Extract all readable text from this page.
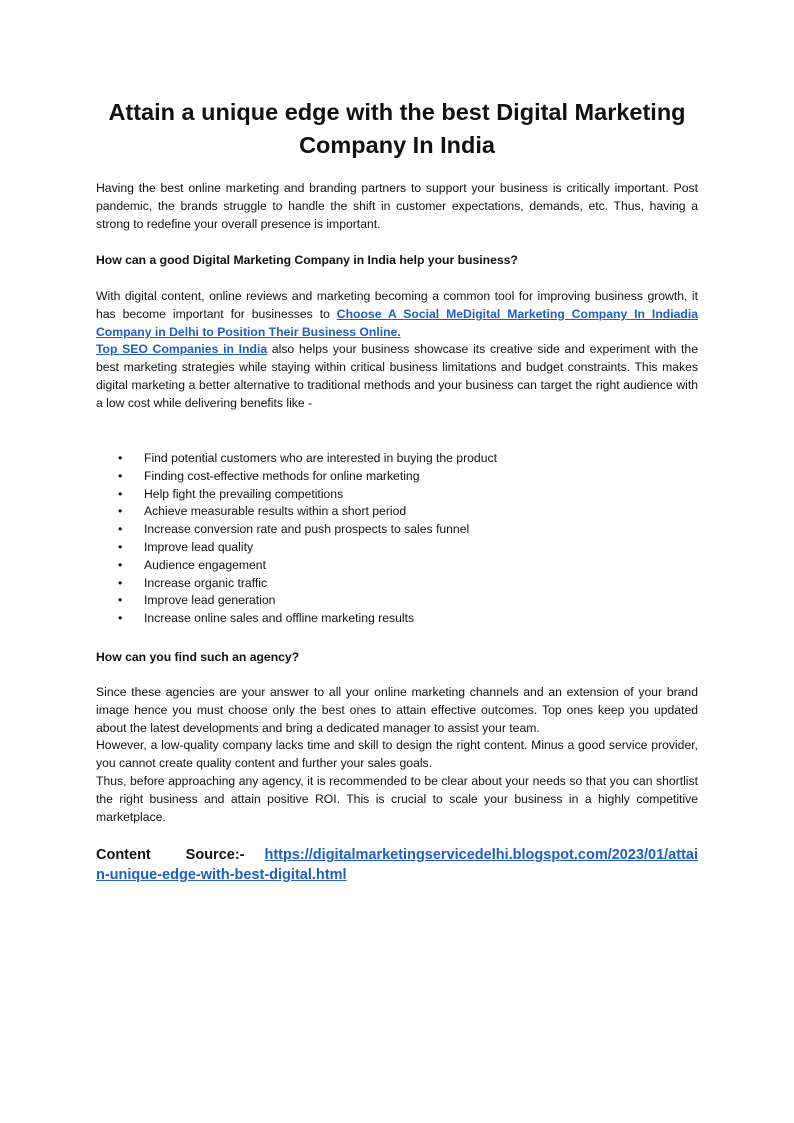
Attain a unique edge with the best Digital Marketing Company In India

Having the best online marketing and branding partners to support your business is critically important. Post pandemic, the brands struggle to handle the shift in customer expectations, demands, etc. Thus, having a strong to redefine your overall presence is important.

How can a good Digital Marketing Company in India help your business?

With digital content, online reviews and marketing becoming a common tool for improving business growth, it has become important for businesses to Choose A Social MeDigital Marketing Company In Indiadia Company in Delhi to Position Their Business Online.
Top SEO Companies in India also helps your business showcase its creative side and experiment with the best marketing strategies while staying within critical business limitations and budget constraints. This makes digital marketing a better alternative to traditional methods and your business can target the right audience with a low cost while delivering benefits like -

• Find potential customers who are interested in buying the product
• Finding cost-effective methods for online marketing
• Help fight the prevailing competitions
• Achieve measurable results within a short period
• Increase conversion rate and push prospects to sales funnel
• Improve lead quality
• Audience engagement
• Increase organic traffic
• Improve lead generation
• Increase online sales and offline marketing results

How can you find such an agency?

Since these agencies are your answer to all your online marketing channels and an extension of your brand image hence you must choose only the best ones to attain effective outcomes. Top ones keep you updated about the latest developments and bring a dedicated manager to assist your team.

However, a low-quality company lacks time and skill to design the right content. Minus a good service provider, you cannot create quality content and further your sales goals.

Thus, before approaching any agency, it is recommended to be clear about your needs so that you can shortlist the right business and attain positive ROI. This is crucial to scale your business in a highly competitive marketplace.

Content Source:- https://digitalmarketingservicedelhi.blogspot.com/2023/01/attain-unique-edge-with-best-digital.html
